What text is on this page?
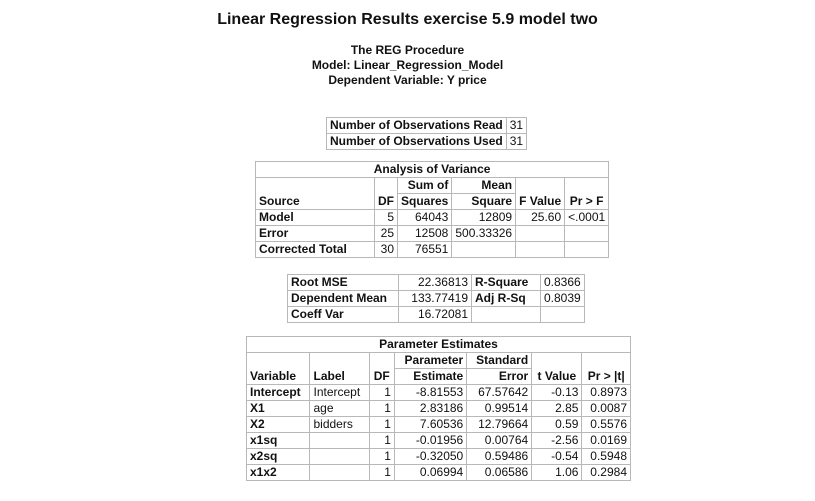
Linear Regression Results exercise 5.9 model two
The REG Procedure
Model: Linear_Regression_Model
Dependent Variable: Y price
Number of Observations Read	31
Number of Observations Used	31
Analysis of Variance					
Source	DF	Sum of	Mean	F Value	Pr > F
		Squares	Square		
Model	5	64043	12809	25.60	<.0001
Error	25	12508	500.33326		
Corrected Total	30	76551			
Root MSE	22.36813	R-Square	0.8366
Dependent Mean	133.77419	Adj R-Sq	0.8039
Coeff Var	16.72081		
Parameter Estimates						
Variable	Label	DF	Parameter	Standard	t Value	Pr > |t|
			Estimate	Error		
Intercept	Intercept	1	-8.81553	67.57642	-0.13	0.8973
X1	age	1	2.83186	0.99514	2.85	0.0087
X2	bidders	1	7.60536	12.79664	0.59	0.5576
x1sq		1	-0.01956	0.00764	-2.56	0.0169
x2sq		1	-0.32050	0.59486	-0.54	0.5948
x1x2		1	0.06994	0.06586	1.06	0.2984
